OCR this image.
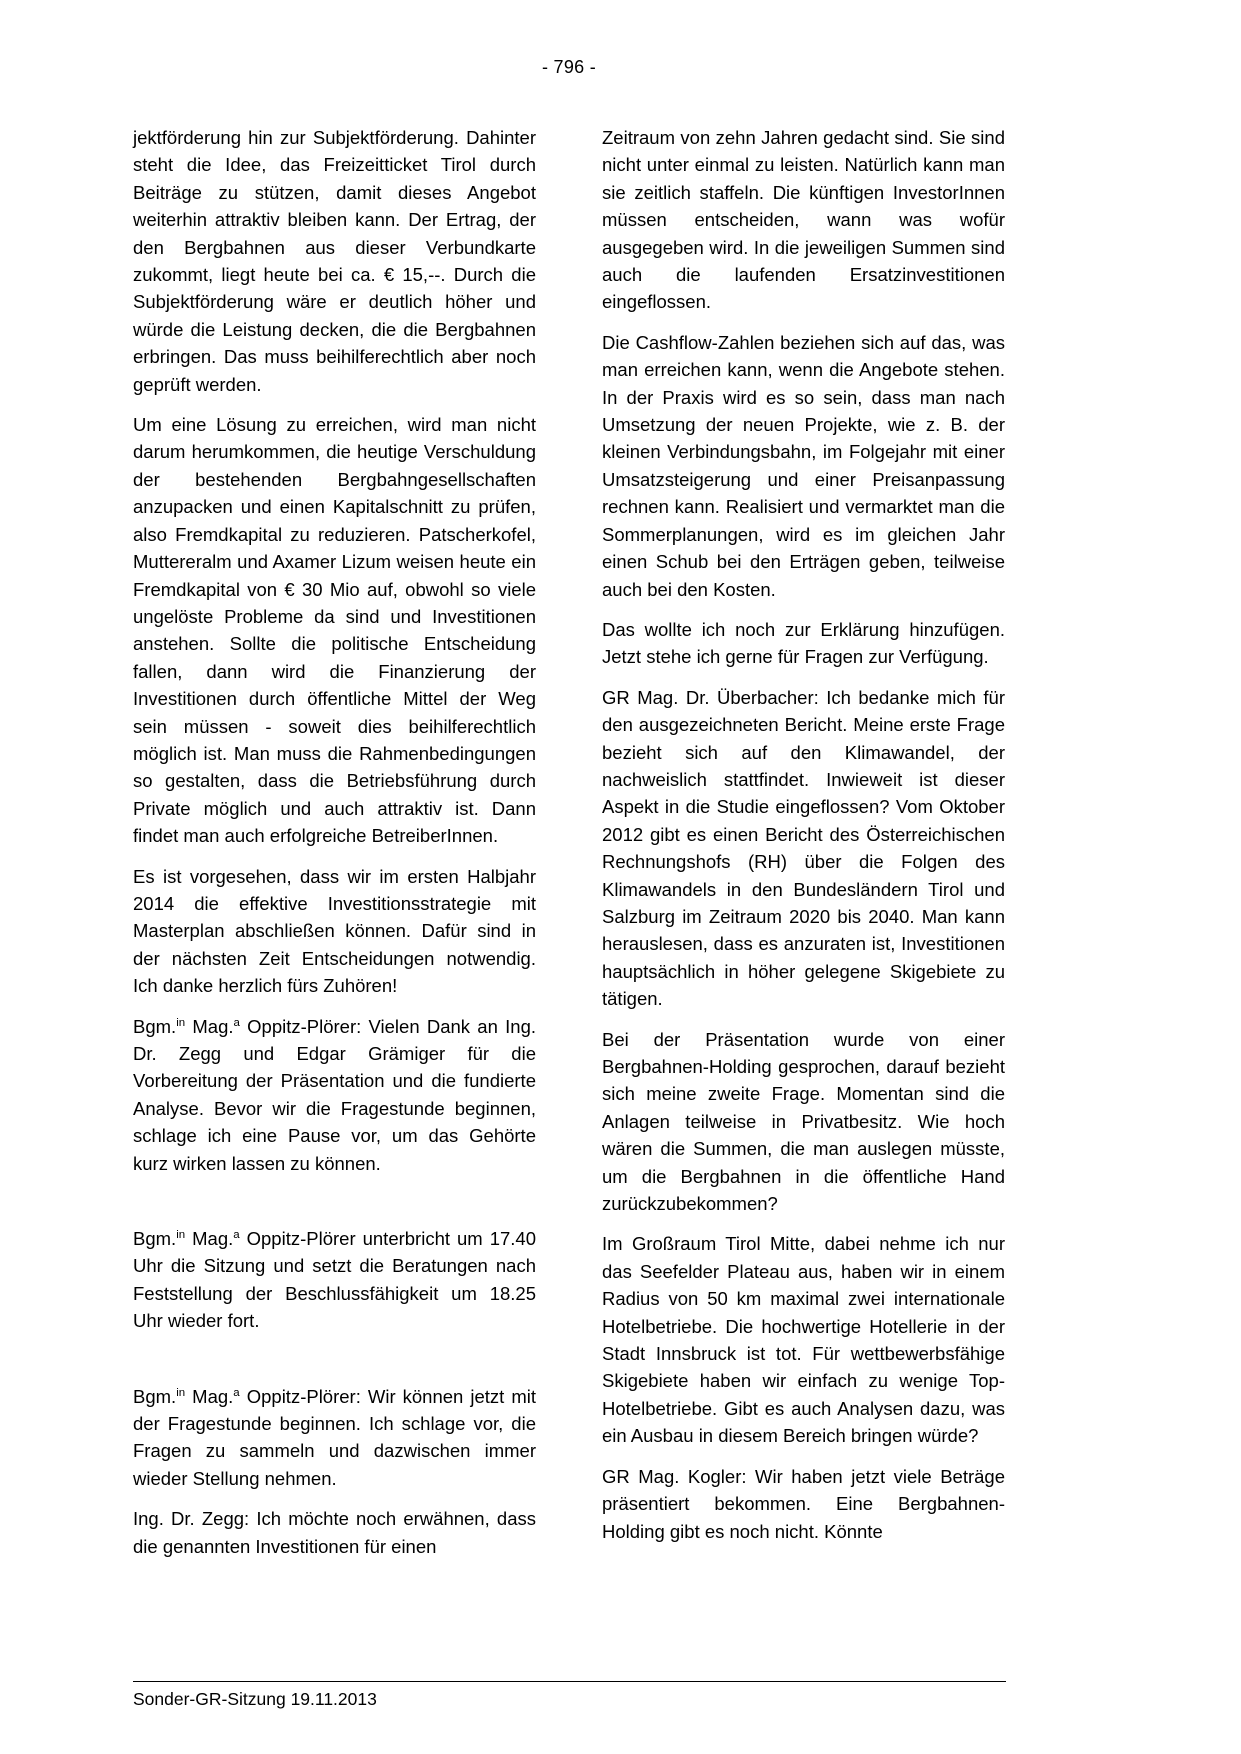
- 796 -

jektförderung hin zur Subjektförderung. Dahinter steht die Idee, das Freizeitticket Tirol durch Beiträge zu stützen, damit dieses Angebot weiterhin attraktiv bleiben kann. Der Ertrag, der den Bergbahnen aus dieser Verbundkarte zukommt, liegt heute bei ca. € 15,--. Durch die Subjektförderung wäre er deutlich höher und würde die Leistung decken, die die Bergbahnen erbringen. Das muss beihilferechtlich aber noch geprüft werden.

Um eine Lösung zu erreichen, wird man nicht darum herumkommen, die heutige Verschuldung der bestehenden Bergbahngesellschaften anzupacken und einen Kapitalschnitt zu prüfen, also Fremdkapital zu reduzieren. Patscherkofel, Muttereralm und Axamer Lizum weisen heute ein Fremdkapital von € 30 Mio auf, obwohl so viele ungelöste Probleme da sind und Investitionen anstehen. Sollte die politische Entscheidung fallen, dann wird die Finanzierung der Investitionen durch öffentliche Mittel der Weg sein müssen - soweit dies beihilferechtlich möglich ist. Man muss die Rahmenbedingungen so gestalten, dass die Betriebsführung durch Private möglich und auch attraktiv ist. Dann findet man auch erfolgreiche BetreiberInnen.

Es ist vorgesehen, dass wir im ersten Halbjahr 2014 die effektive Investitionsstrategie mit Masterplan abschließen können. Dafür sind in der nächsten Zeit Entscheidungen notwendig. Ich danke herzlich fürs Zuhören!

Bgm.$^{in}$ Mag.$^a$ Oppitz-Plörer: Vielen Dank an Ing. Dr. Zegg und Edgar Grämiger für die Vorbereitung der Präsentation und die fundierte Analyse. Bevor wir die Fragestunde beginnen, schlage ich eine Pause vor, um das Gehörte kurz wirken lassen zu können.

Bgm.$^{in}$ Mag.$^a$ Oppitz-Plörer unterbricht um 17.40 Uhr die Sitzung und setzt die Beratungen nach Feststellung der Beschlussfähigkeit um 18.25 Uhr wieder fort.

Bgm.$^{in}$ Mag.$^a$ Oppitz-Plörer: Wir können jetzt mit der Fragestunde beginnen. Ich schlage vor, die Fragen zu sammeln und dazwischen immer wieder Stellung nehmen.

Ing. Dr. Zegg: Ich möchte noch erwähnen, dass die genannten Investitionen für einen

Zeitraum von zehn Jahren gedacht sind. Sie sind nicht unter einmal zu leisten. Natürlich kann man sie zeitlich staffeln. Die künftigen InvestorInnen müssen entscheiden, wann was wofür ausgegeben wird. In die jeweiligen Summen sind auch die laufenden Ersatzinvestitionen eingeflossen.

Die Cashflow-Zahlen beziehen sich auf das, was man erreichen kann, wenn die Angebote stehen. In der Praxis wird es so sein, dass man nach Umsetzung der neuen Projekte, wie z. B. der kleinen Verbindungsbahn, im Folgejahr mit einer Umsatzsteigerung und einer Preisanpassung rechnen kann. Realisiert und vermarktet man die Sommerplanungen, wird es im gleichen Jahr einen Schub bei den Erträgen geben, teilweise auch bei den Kosten.

Das wollte ich noch zur Erklärung hinzufügen. Jetzt stehe ich gerne für Fragen zur Verfügung.

GR Mag. Dr. Überbacher: Ich bedanke mich für den ausgezeichneten Bericht. Meine erste Frage bezieht sich auf den Klimawandel, der nachweislich stattfindet. Inwieweit ist dieser Aspekt in die Studie eingeflossen? Vom Oktober 2012 gibt es einen Bericht des Österreichischen Rechnungshofs (RH) über die Folgen des Klimawandels in den Bundesländern Tirol und Salzburg im Zeitraum 2020 bis 2040. Man kann herauslesen, dass es anzuraten ist, Investitionen hauptsächlich in höher gelegene Skigebiete zu tätigen.

Bei der Präsentation wurde von einer Bergbahnen-Holding gesprochen, darauf bezieht sich meine zweite Frage. Momentan sind die Anlagen teilweise in Privatbesitz. Wie hoch wären die Summen, die man auslegen müsste, um die Bergbahnen in die öffentliche Hand zurückzubekommen?

Im Großraum Tirol Mitte, dabei nehme ich nur das Seefelder Plateau aus, haben wir in einem Radius von 50 km maximal zwei internationale Hotelbetriebe. Die hochwertige Hotellerie in der Stadt Innsbruck ist tot. Für wettbewerbsfähige Skigebiete haben wir einfach zu wenige Top-Hotelbetriebe. Gibt es auch Analysen dazu, was ein Ausbau in diesem Bereich bringen würde?

GR Mag. Kogler: Wir haben jetzt viele Beträge präsentiert bekommen. Eine Bergbahnen-Holding gibt es noch nicht. Könnte

Sonder-GR-Sitzung 19.11.2013
